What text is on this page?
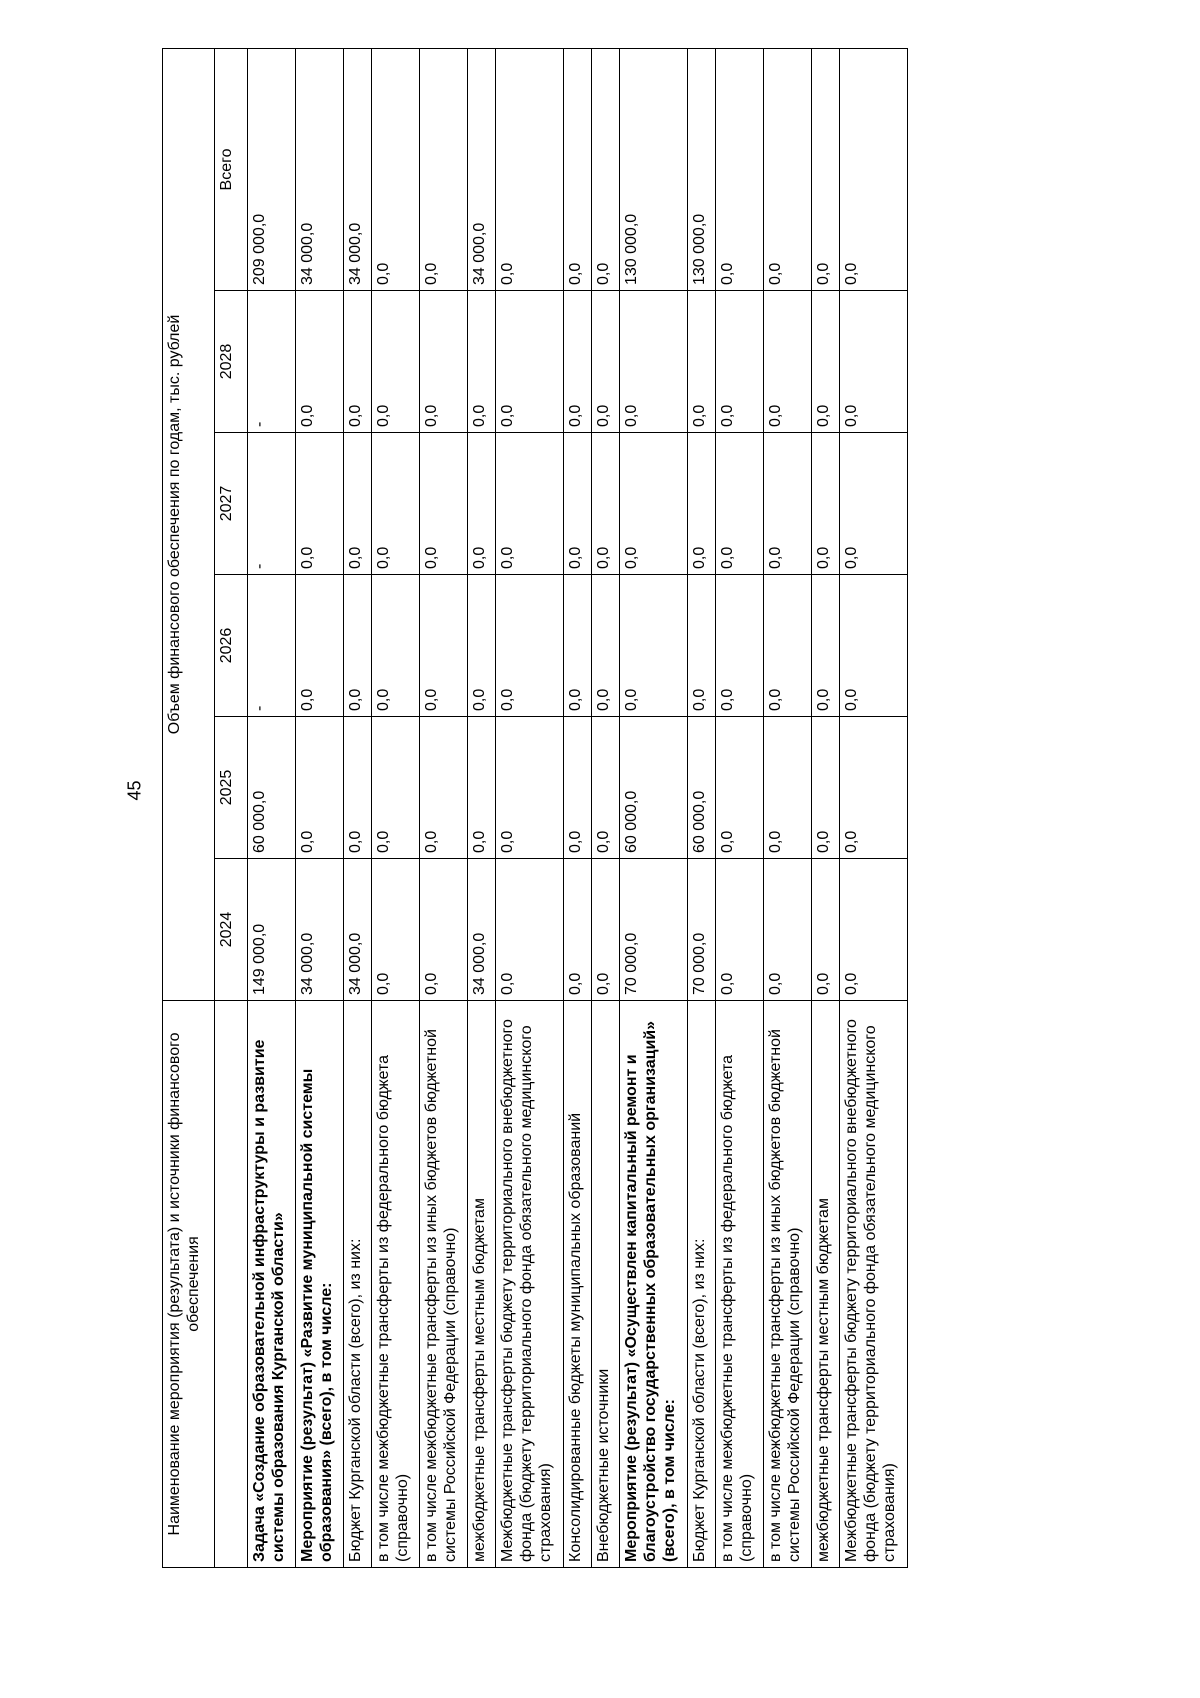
45
Наименование мероприятия (результата) и источники финансового обеспечения	Объем финансового обеспечения по годам, тыс. рублей					
	2024	2025	2026	2027	2028	Всего
Задача «Создание образовательной инфраструктуры и развитие системы образования Курганской области»	149 000,0	60 000,0	-	-	-	209 000,0
Мероприятие (результат) «Развитие муниципальной системы образования» (всего), в том числе:	34 000,0	0,0	0,0	0,0	0,0	34 000,0
Бюджет Курганской области (всего), из них:	34 000,0	0,0	0,0	0,0	0,0	34 000,0
в том числе межбюджетные трансферты из федерального бюджета (справочно)	0,0	0,0	0,0	0,0	0,0	0,0
в том числе межбюджетные трансферты из иных бюджетов бюджетной системы Российской Федерации (справочно)	0,0	0,0	0,0	0,0	0,0	0,0
межбюджетные трансферты местным бюджетам	34 000,0	0,0	0,0	0,0	0,0	34 000,0
Межбюджетные трансферты бюджету территориального внебюджетного фонда (бюджету территориального фонда обязательного медицинского страхования)	0,0	0,0	0,0	0,0	0,0	0,0
Консолидированные бюджеты муниципальных образований	0,0	0,0	0,0	0,0	0,0	0,0
Внебюджетные источники	0,0	0,0	0,0	0,0	0,0	0,0
Мероприятие (результат) «Осуществлен капитальный ремонт и благоустройство государственных образовательных организаций» (всего), в том числе:	70 000,0	60 000,0	0,0	0,0	0,0	130 000,0
Бюджет Курганской области (всего), из них:	70 000,0	60 000,0	0,0	0,0	0,0	130 000,0
в том числе межбюджетные трансферты из федерального бюджета (справочно)	0,0	0,0	0,0	0,0	0,0	0,0
в том числе межбюджетные трансферты из иных бюджетов бюджетной системы Российской Федерации (справочно)	0,0	0,0	0,0	0,0	0,0	0,0
межбюджетные трансферты местным бюджетам	0,0	0,0	0,0	0,0	0,0	0,0
Межбюджетные трансферты бюджету территориального внебюджетного фонда (бюджету территориального фонда обязательного медицинского страхования)	0,0	0,0	0,0	0,0	0,0	0,0
